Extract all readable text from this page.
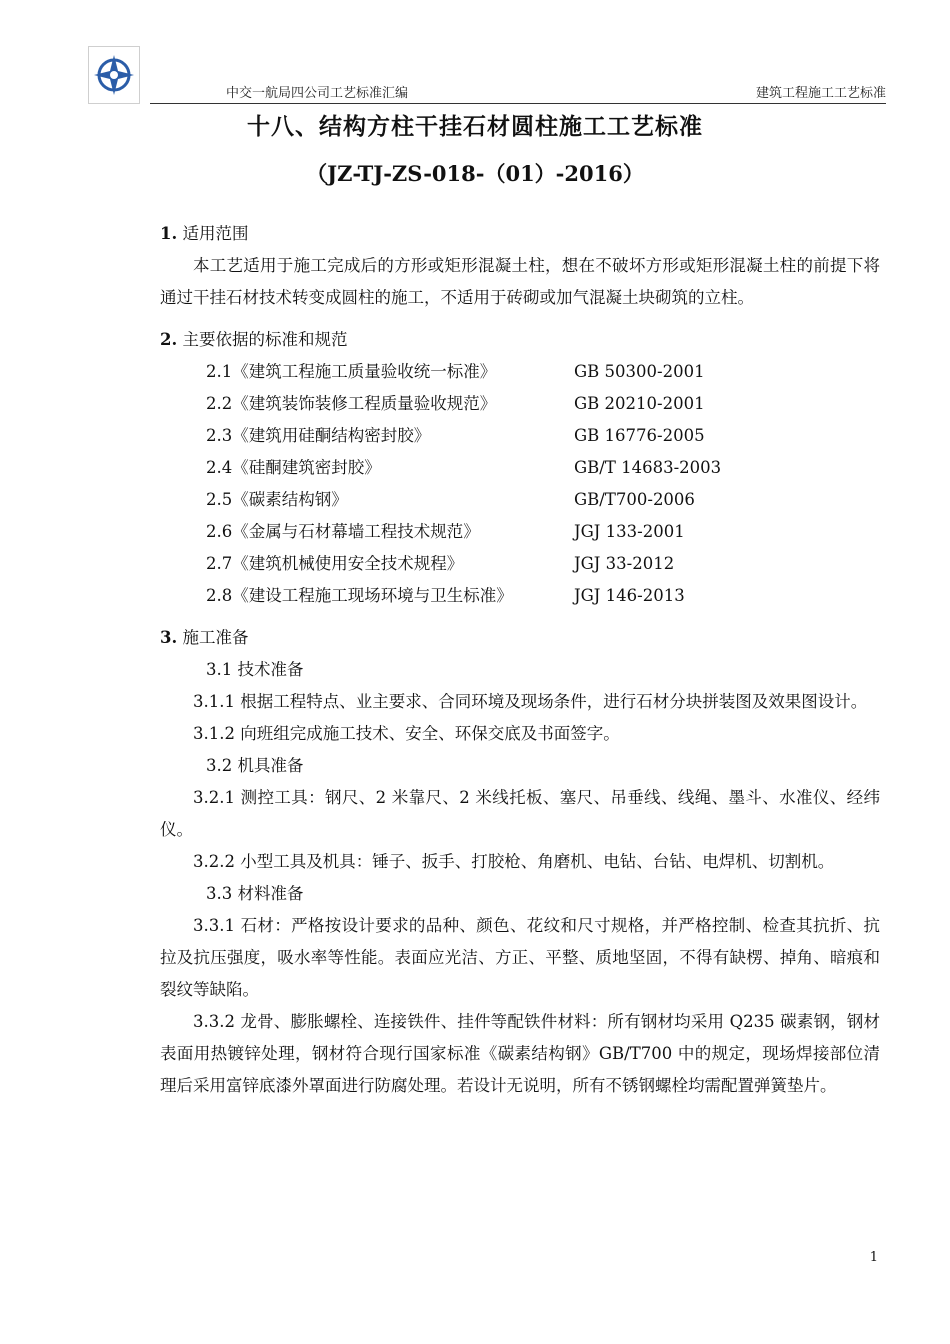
中交一航局四公司工艺标准汇编	建筑工程施工工艺标准
十八、结构方柱干挂石材圆柱施工工艺标准
（JZ-TJ-ZS-018-（01）-2016）
1. 适用范围
本工艺适用于施工完成后的方形或矩形混凝土柱，想在不破坏方形或矩形混凝土柱的前提下将通过干挂石材技术转变成圆柱的施工，不适用于砖砌或加气混凝土块砌筑的立柱。
2. 主要依据的标准和规范
2.1《建筑工程施工质量验收统一标准》	GB 50300-2001
2.2《建筑装饰装修工程质量验收规范》	GB 20210-2001
2.3《建筑用硅酮结构密封胶》	GB 16776-2005
2.4《硅酮建筑密封胶》	GB/T 14683-2003
2.5《碳素结构钢》	GB/T700-2006
2.6《金属与石材幕墙工程技术规范》	JGJ 133-2001
2.7《建筑机械使用安全技术规程》	JGJ 33-2012
2.8《建设工程施工现场环境与卫生标准》	JGJ 146-2013
3. 施工准备
3.1 技术准备
3.1.1 根据工程特点、业主要求、合同环境及现场条件，进行石材分块拼装图及效果图设计。
3.1.2 向班组完成施工技术、安全、环保交底及书面签字。
3.2 机具准备
3.2.1 测控工具：钢尺、2 米靠尺、2 米线托板、塞尺、吊垂线、线绳、墨斗、水准仪、经纬仪。
3.2.2 小型工具及机具：锤子、扳手、打胶枪、角磨机、电钻、台钻、电焊机、切割机。
3.3 材料准备
3.3.1 石材：严格按设计要求的品种、颜色、花纹和尺寸规格，并严格控制、检查其抗折、抗拉及抗压强度，吸水率等性能。表面应光洁、方正、平整、质地坚固，不得有缺楞、掉角、暗痕和裂纹等缺陷。
3.3.2 龙骨、膨胀螺栓、连接铁件、挂件等配铁件材料：所有钢材均采用 Q235 碳素钢，钢材表面用热镀锌处理，钢材符合现行国家标准《碳素结构钢》GB/T700 中的规定，现场焊接部位清理后采用富锌底漆外罩面进行防腐处理。若设计无说明，所有不锈钢螺栓均需配置弹簧垫片。
1
